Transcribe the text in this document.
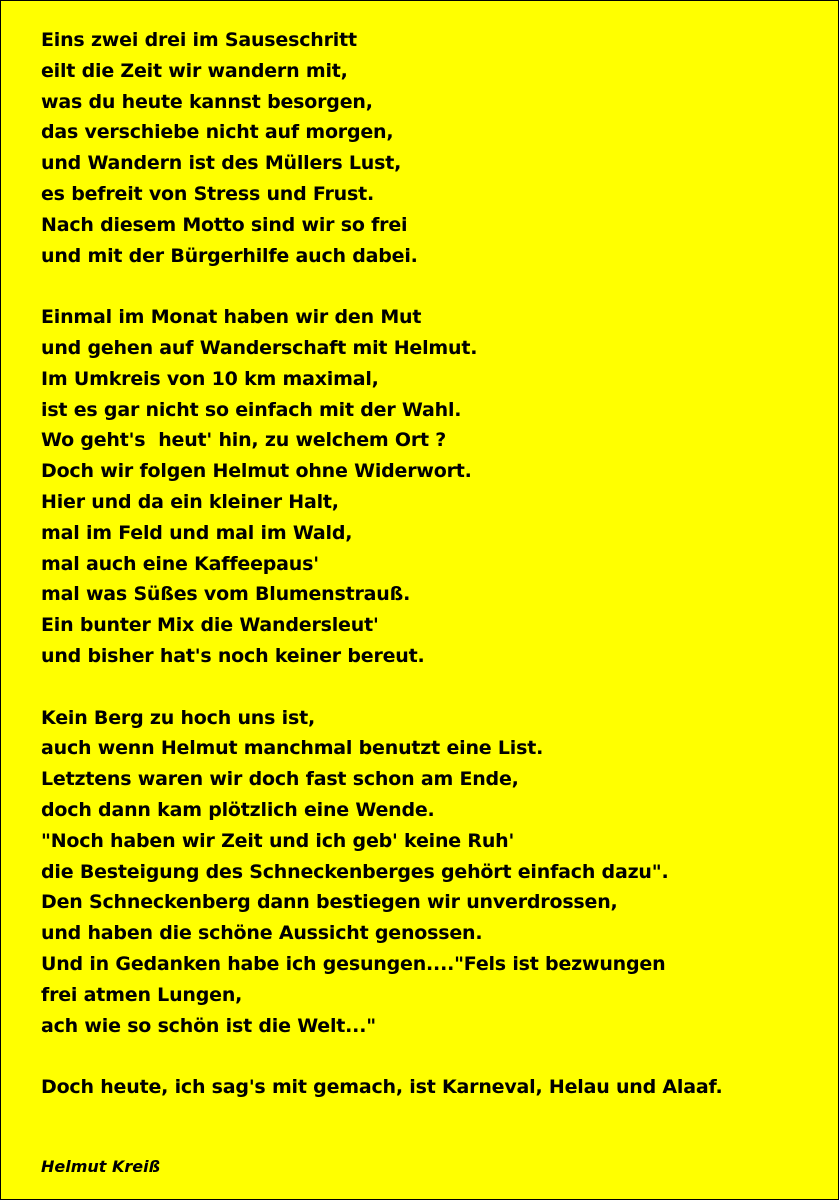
Eins zwei drei im Sauseschritt
eilt die Zeit wir wandern mit,
was du heute kannst besorgen,
das verschiebe nicht auf morgen,
und Wandern ist des Müllers Lust,
es befreit von Stress und Frust.
Nach diesem Motto sind wir so frei
und mit der Bürgerhilfe auch dabei.
Einmal im Monat haben wir den Mut
und gehen auf Wanderschaft mit Helmut.
Im Umkreis von 10 km maximal,
ist es gar nicht so einfach mit der Wahl.
Wo geht's  heut' hin, zu welchem Ort ?
Doch wir folgen Helmut ohne Widerwort.
Hier und da ein kleiner Halt,
mal im Feld und mal im Wald,
mal auch eine Kaffeepaus'
mal was Süßes vom Blumenstrauß.
Ein bunter Mix die Wandersleut'
und bisher hat's noch keiner bereut.
Kein Berg zu hoch uns ist,
auch wenn Helmut manchmal benutzt eine List.
Letztens waren wir doch fast schon am Ende,
doch dann kam plötzlich eine Wende.
"Noch haben wir Zeit und ich geb' keine Ruh'
die Besteigung des Schneckenberges gehört einfach dazu".
Den Schneckenberg dann bestiegen wir unverdrossen,
und haben die schöne Aussicht genossen.
Und in Gedanken habe ich gesungen...."Fels ist bezwungen
frei atmen Lungen,
ach wie so schön ist die Welt..."
Doch heute, ich sag's mit gemach, ist Karneval, Helau und Alaaf.
Helmut Kreiß
